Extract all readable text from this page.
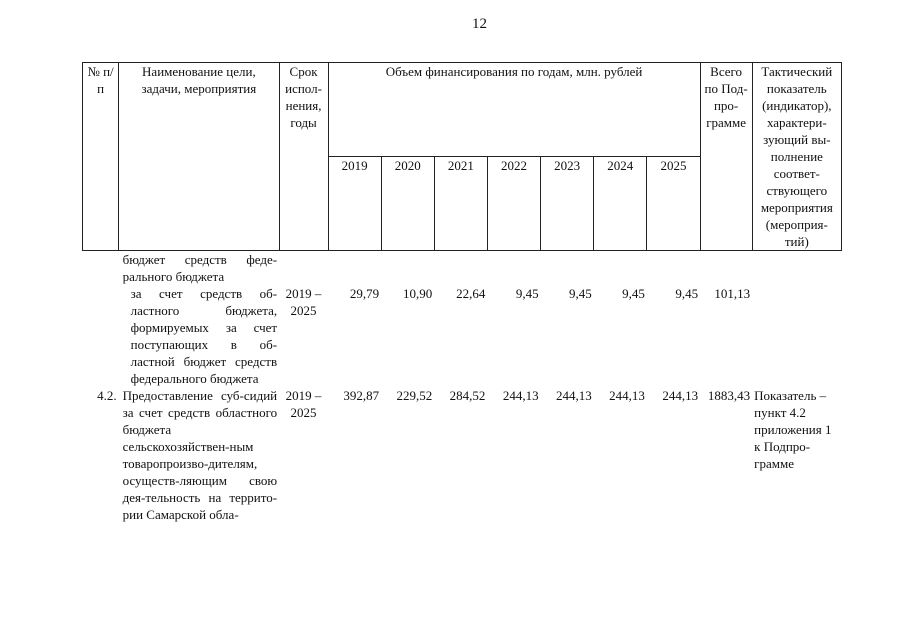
12
№ п/п	Наименование цели, задачи, мероприятия	Срок испол-нения, годы	Объем финансирования по годам, млн. рублей							Всего по Под-про-грамме	Тактический показатель (индикатор), характери-зующий вы-полнение соответ-ствующего мероприятия (мероприя-тий)
			2019	2020	2021	2022	2023	2024	2025		
	бюджет средств феде-рального бюджета										
	за счет средств об-ластного бюджета, формируемых за счет поступающих в об-ластной бюджет средств федерального бюджета	2019 – 2025	29,79	10,90	22,64	9,45	9,45	9,45	9,45	101,13	
4.2.	Предоставление суб-сидий за счет средств областного бюджета сельскохозяйствен-ным товаропроизво-дителям, осуществ-ляющим свою дея-тельность на террито-рии Самарской обла-	2019 – 2025	392,87	229,52	284,52	244,13	244,13	244,13	244,13	1883,43	Показатель – пункт 4.2 приложения 1 к Подпро-грамме
